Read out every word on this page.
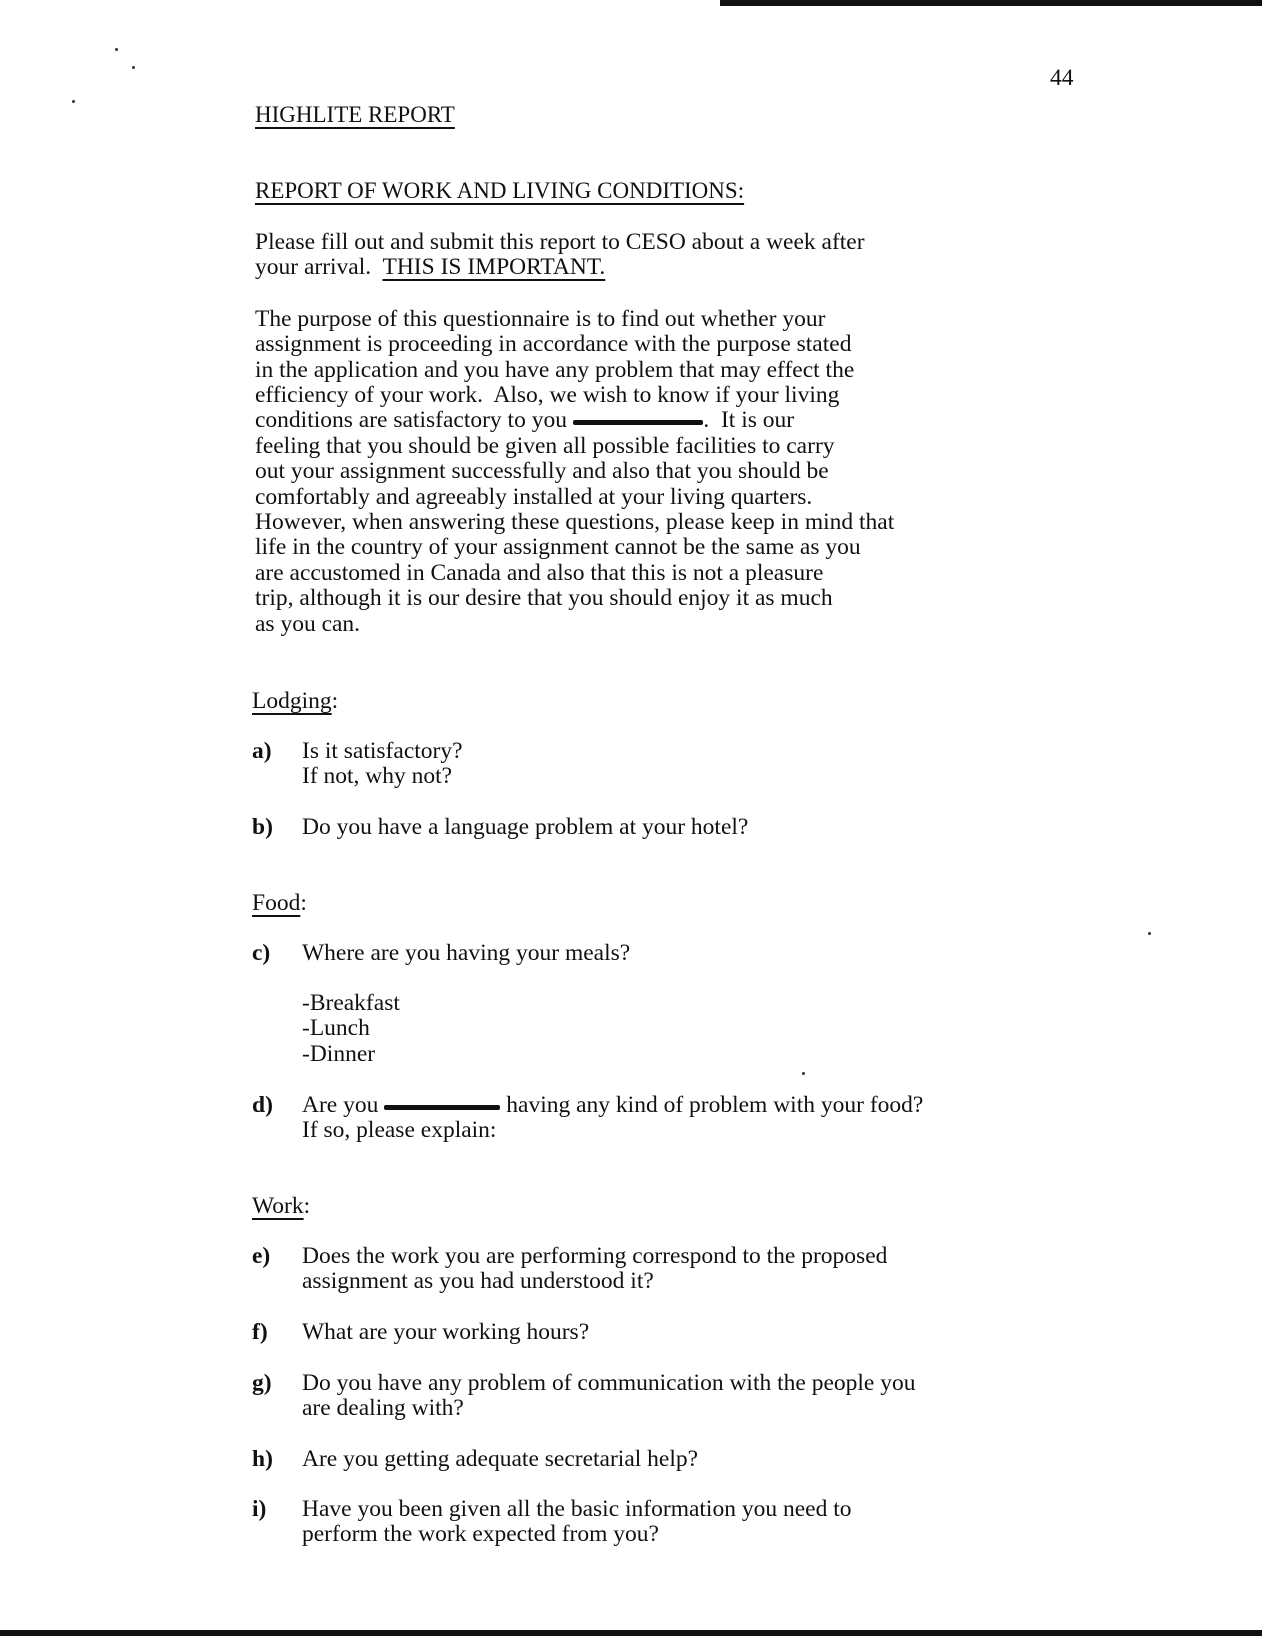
44
HIGHLITE REPORT
REPORT OF WORK AND LIVING CONDITIONS:
Please fill out and submit this report to CESO about a week after
your arrival. THIS IS IMPORTANT.
The purpose of this questionnaire is to find out whether your
assignment is proceeding in accordance with the purpose stated
in the application and you have any problem that may effect the
efficiency of your work.  Also, we wish to know if your living
conditions are satisfactory to you	.  It is our
feeling that you should be given all possible facilities to carry
out your assignment successfully and also that you should be
comfortably and agreeably installed at your living quarters.
However, when answering these questions, please keep in mind that
life in the country of your assignment cannot be the same as you
are accustomed in Canada and also that this is not a pleasure
trip, although it is our desire that you should enjoy it as much
as you can.
Lodging:
a) Is it satisfactory?
If not, why not?
b) Do you have a language problem at your hotel?
Food:
c) Where are you having your meals?
-Breakfast
-Lunch
-Dinner
d) Are you	having any kind of problem with your food?
If so, please explain:
Work:
e) Does the work you are performing correspond to the proposed
assignment as you had understood it?
f) What are your working hours?
g) Do you have any problem of communication with the people you
are dealing with?
h) Are you getting adequate secretarial help?
i) Have you been given all the basic information you need to
perform the work expected from you?
